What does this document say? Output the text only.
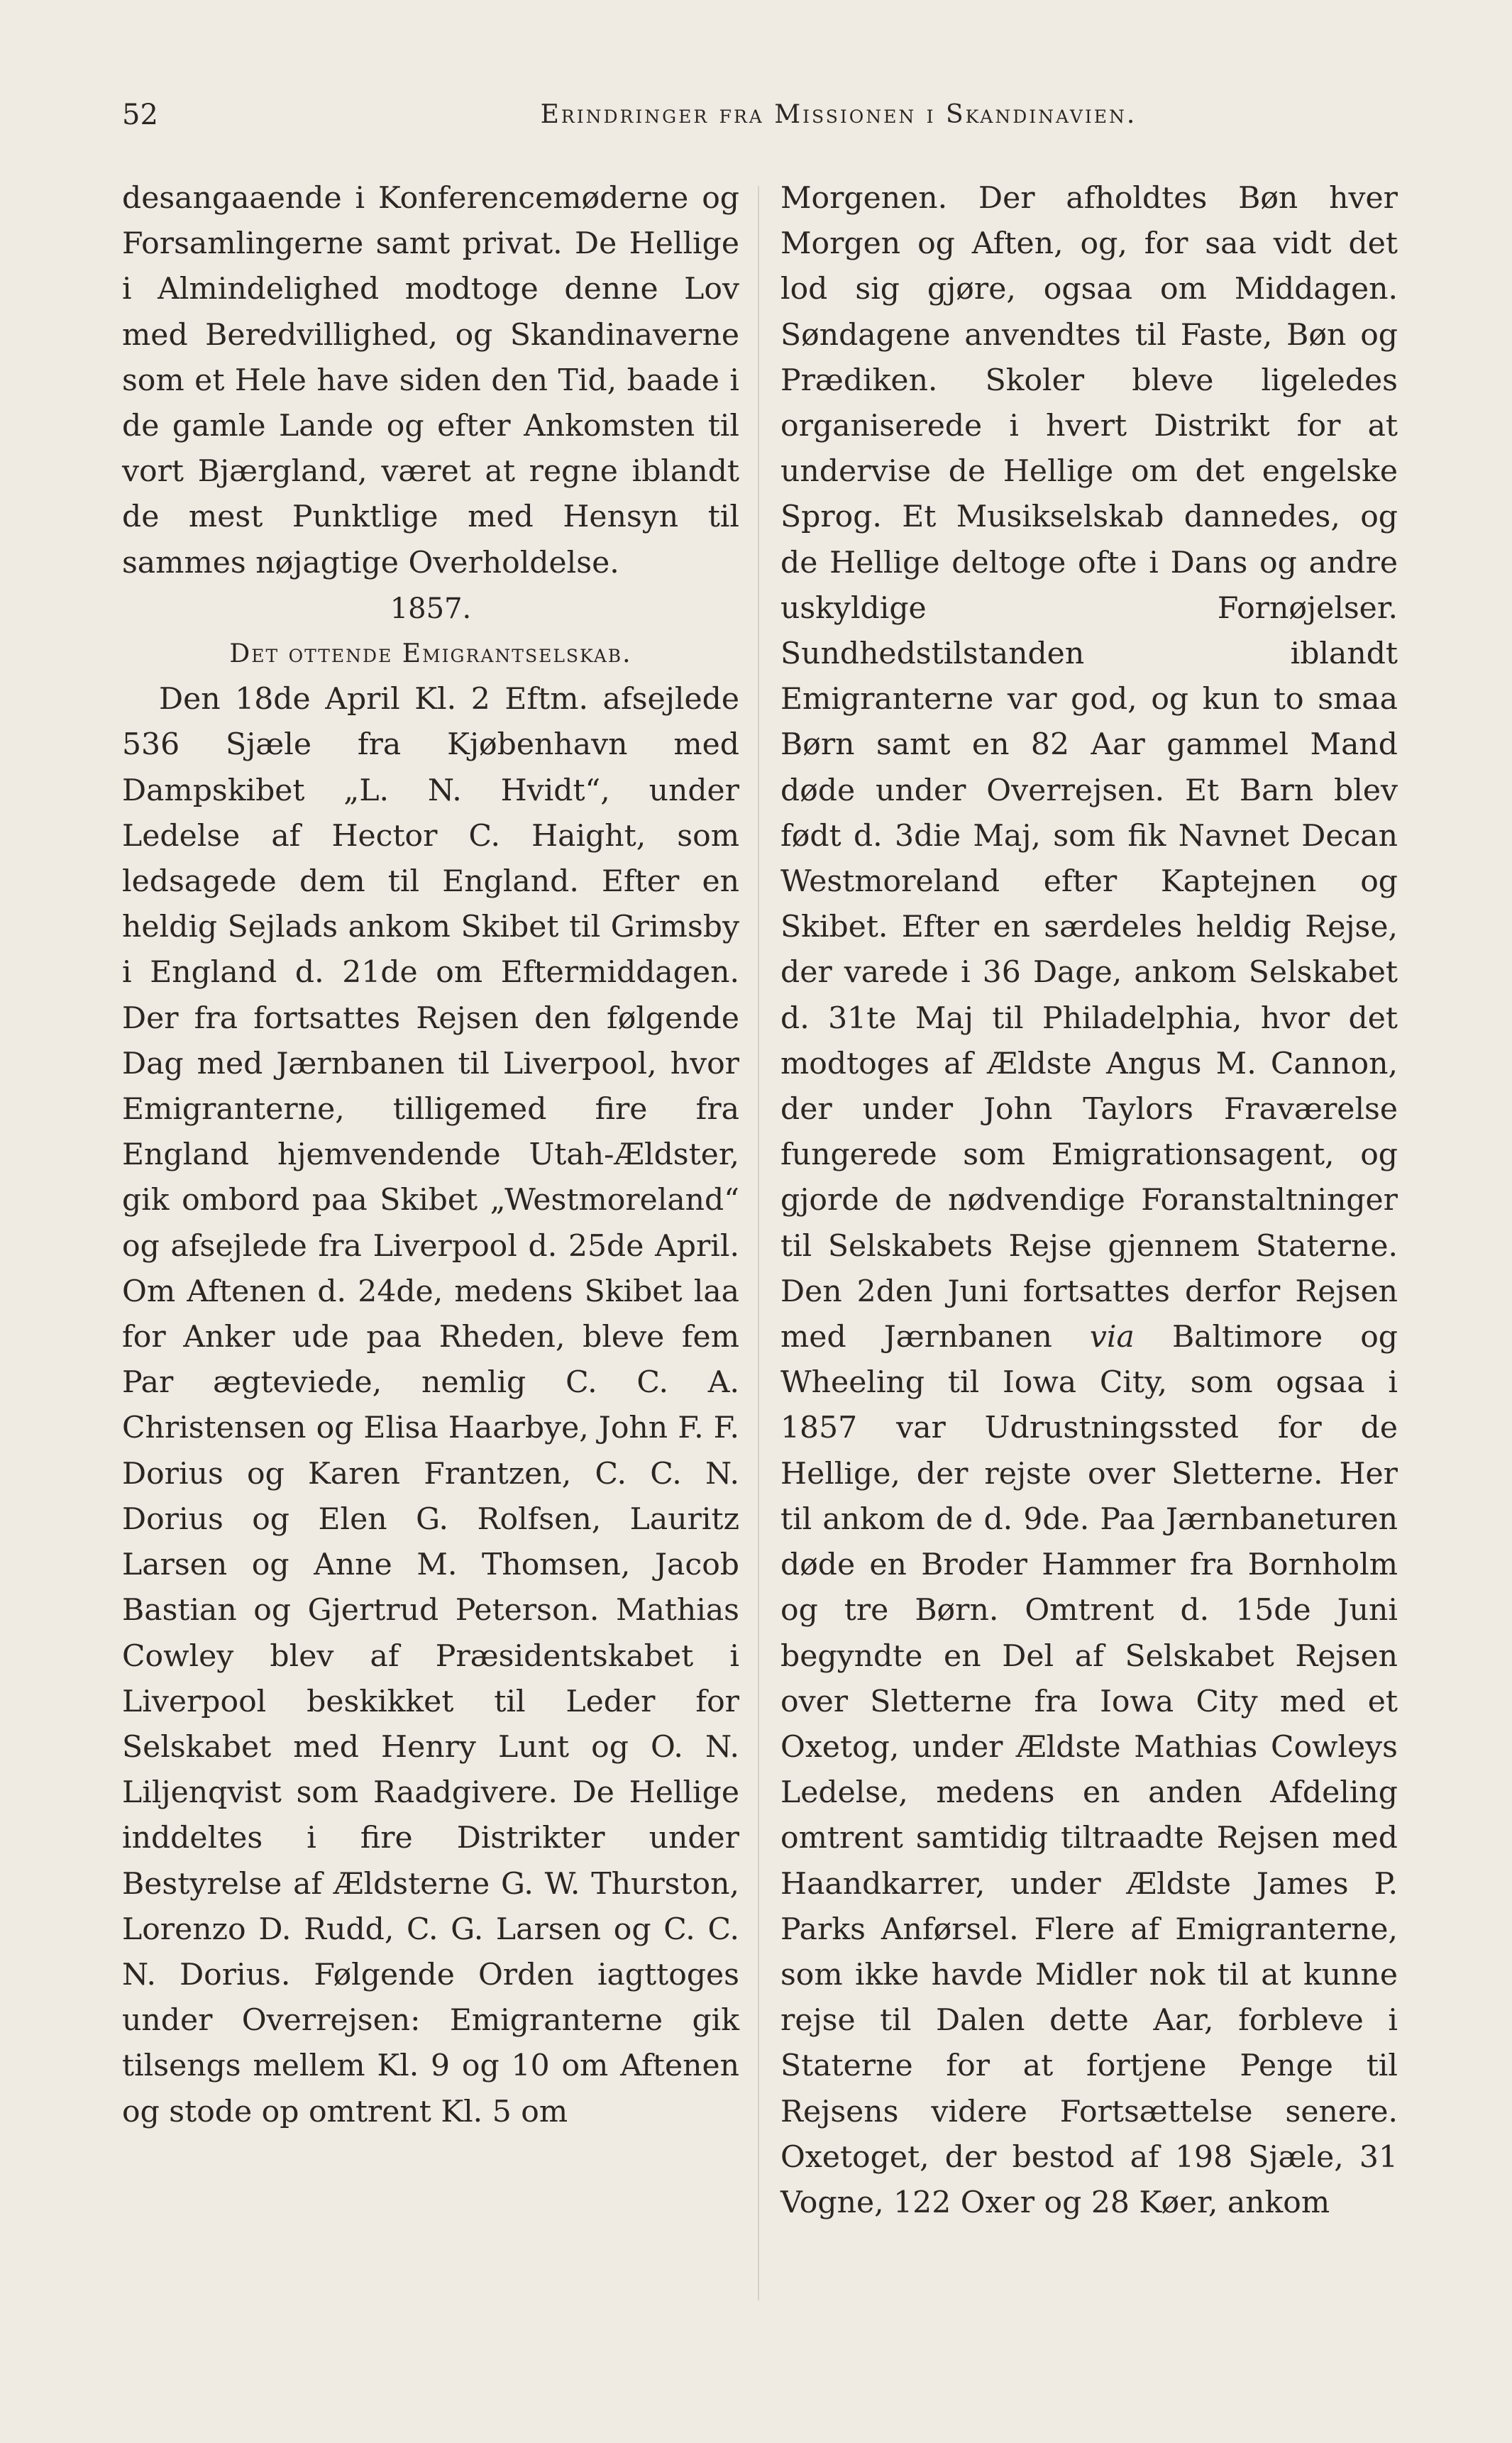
52	Erindringer fra Missionen i Skandinavien.

desangaaende i Konferencemøderne og Forsamlingerne samt privat. De Hellige i Almindelighed modtoge denne Lov med Beredvillighed, og Skandinaverne som et Hele have siden den Tid, baade i de gamle Lande og efter Ankomsten til vort Bjærgland, været at regne iblandt de mest Punktlige med Hensyn til sammes nøjagtige Overholdelse.

1857.

Det ottende Emigrantselskab.

Den 18de April Kl. 2 Eftm. afsejlede 536 Sjæle fra Kjøbenhavn med Dampskibet „L. N. Hvidt“, under Ledelse af Hector C. Haight, som ledsagede dem til England. Efter en heldig Sejlads ankom Skibet til Grimsby i England d. 21de om Eftermiddagen. Der fra fortsattes Rejsen den følgende Dag med Jærnbanen til Liverpool, hvor Emigranterne, tilligemed fire fra England hjemvendende Utah-Ældster, gik ombord paa Skibet „Westmoreland“ og afsejlede fra Liverpool d. 25de April. Om Aftenen d. 24de, medens Skibet laa for Anker ude paa Rheden, bleve fem Par ægteviede, nemlig C. C. A. Christensen og Elisa Haarbye, John F. F. Dorius og Karen Frantzen, C. C. N. Dorius og Elen G. Rolfsen, Lauritz Larsen og Anne M. Thomsen, Jacob Bastian og Gjertrud Peterson. Mathias Cowley blev af Præsidentskabet i Liverpool beskikket til Leder for Selskabet med Henry Lunt og O. N. Liljenqvist som Raadgivere. De Hellige inddeltes i fire Distrikter under Bestyrelse af Ældsterne G. W. Thurston, Lorenzo D. Rudd, C. G. Larsen og C. C. N. Dorius. Følgende Orden iagttoges under Overrejsen: Emigranterne gik tilsengs mellem Kl. 9 og 10 om Aftenen og stode op omtrent Kl. 5 om

Morgenen. Der afholdtes Bøn hver Morgen og Aften, og, for saa vidt det lod sig gjøre, ogsaa om Middagen. Søndagene anvendtes til Faste, Bøn og Prædiken. Skoler bleve ligeledes organiserede i hvert Distrikt for at undervise de Hellige om det engelske Sprog. Et Musikselskab dannedes, og de Hellige deltoge ofte i Dans og andre uskyldige Fornøjelser. Sundhedstilstanden iblandt Emigranterne var god, og kun to smaa Børn samt en 82 Aar gammel Mand døde under Overrejsen. Et Barn blev født d. 3die Maj, som fik Navnet Decan Westmoreland efter Kaptejnen og Skibet. Efter en særdeles heldig Rejse, der varede i 36 Dage, ankom Selskabet d. 31te Maj til Philadelphia, hvor det modtoges af Ældste Angus M. Cannon, der under John Taylors Fraværelse fungerede som Emigrationsagent, og gjorde de nødvendige Foranstaltninger til Selskabets Rejse gjennem Staterne. Den 2den Juni fortsattes derfor Rejsen med Jærnbanen via Baltimore og Wheeling til Iowa City, som ogsaa i 1857 var Udrustningssted for de Hellige, der rejste over Sletterne. Her til ankom de d. 9de. Paa Jærnbaneturen døde en Broder Hammer fra Bornholm og tre Børn. Omtrent d. 15de Juni begyndte en Del af Selskabet Rejsen over Sletterne fra Iowa City med et Oxetog, under Ældste Mathias Cowleys Ledelse, medens en anden Afdeling omtrent samtidig tiltraadte Rejsen med Haandkarrer, under Ældste James P. Parks Anførsel. Flere af Emigranterne, som ikke havde Midler nok til at kunne rejse til Dalen dette Aar, forbleve i Staterne for at fortjene Penge til Rejsens videre Fortsættelse senere. Oxetoget, der bestod af 198 Sjæle, 31 Vogne, 122 Oxer og 28 Køer, ankom
